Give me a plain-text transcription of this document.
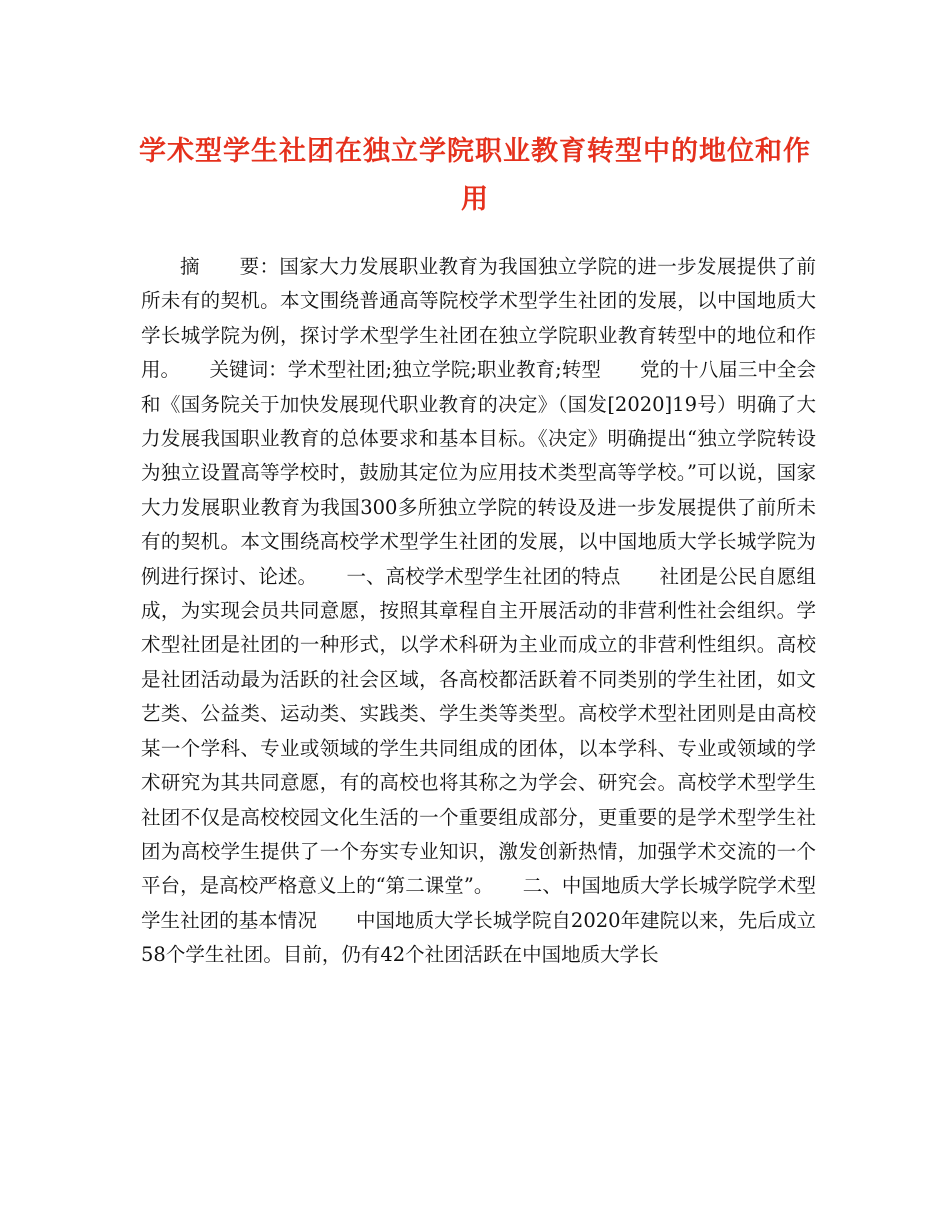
学术型学生社团在独立学院职业教育转型中的地位和作用

摘　　要：国家大力发展职业教育为我国独立学院的进一步发展提供了前所未有的契机。本文围绕普通高等院校学术型学生社团的发展，以中国地质大学长城学院为例，探讨学术型学生社团在独立学院职业教育转型中的地位和作用。　　关键词：学术型社团;独立学院;职业教育;转型　　党的十八届三中全会和《国务院关于加快发展现代职业教育的决定》（国发[2020]19号）明确了大力发展我国职业教育的总体要求和基本目标。《决定》明确提出“独立学院转设为独立设置高等学校时，鼓励其定位为应用技术类型高等学校。”可以说，国家大力发展职业教育为我国300多所独立学院的转设及进一步发展提供了前所未有的契机。本文围绕高校学术型学生社团的发展，以中国地质大学长城学院为例进行探讨、论述。　　一、高校学术型学生社团的特点　　社团是公民自愿组成，为实现会员共同意愿，按照其章程自主开展活动的非营利性社会组织。学术型社团是社团的一种形式，以学术科研为主业而成立的非营利性组织。高校是社团活动最为活跃的社会区域，各高校都活跃着不同类别的学生社团，如文艺类、公益类、运动类、实践类、学生类等类型。高校学术型社团则是由高校某一个学科、专业或领域的学生共同组成的团体，以本学科、专业或领域的学术研究为其共同意愿，有的高校也将其称之为学会、研究会。高校学术型学生社团不仅是高校校园文化生活的一个重要组成部分，更重要的是学术型学生社团为高校学生提供了一个夯实专业知识，激发创新热情，加强学术交流的一个平台，是高校严格意义上的“第二课堂”。　　二、中国地质大学长城学院学术型学生社团的基本情况　　中国地质大学长城学院自2020年建院以来，先后成立58个学生社团。目前，仍有42个社团活跃在中国地质大学长
